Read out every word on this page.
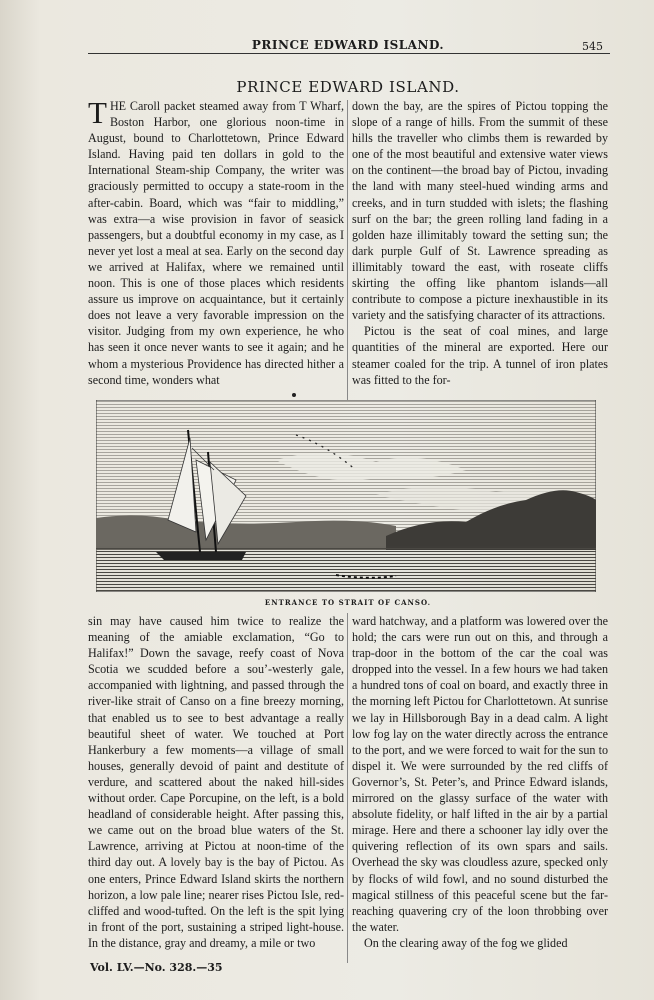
PRINCE EDWARD ISLAND.	545
PRINCE EDWARD ISLAND.

THE Caroll packet steamed away from T Wharf, Boston Harbor, one glorious noon-time in August, bound to Charlottetown, Prince Edward Island. Having paid ten dollars in gold to the International Steam-ship Company, the writer was graciously permitted to occupy a state-room in the after-cabin. Board, which was “fair to middling,” was extra—a wise provision in favor of seasick passengers, but a doubtful economy in my case, as I never yet lost a meal at sea. Early on the second day we arrived at Halifax, where we remained until noon. This is one of those places which residents assure us improve on acquaintance, but it certainly does not leave a very favorable impression on the visitor. Judging from my own experience, he who has seen it once never wants to see it again; and he whom a mysterious Providence has directed hither a second time, wonders what

down the bay, are the spires of Pictou topping the slope of a range of hills. From the summit of these hills the traveller who climbs them is rewarded by one of the most beautiful and extensive water views on the continent—the broad bay of Pictou, invading the land with many steel-hued winding arms and creeks, and in turn studded with islets; the flashing surf on the bar; the green rolling land fading in a golden haze illimitably toward the setting sun; the dark purple Gulf of St. Lawrence spreading as illimitably toward the east, with roseate cliffs skirting the offing like phantom islands—all contribute to compose a picture inexhaustible in its variety and the satisfying character of its attractions.

Pictou is the seat of coal mines, and large quantities of the mineral are exported. Here our steamer coaled for the trip. A tunnel of iron plates was fitted to the for-

ENTRANCE TO STRAIT OF CANSO.

sin may have caused him twice to realize the meaning of the amiable exclamation, “Go to Halifax!” Down the savage, reefy coast of Nova Scotia we scudded before a sou’-westerly gale, accompanied with lightning, and passed through the river-like strait of Canso on a fine breezy morning, that enabled us to see to best advantage a really beautiful sheet of water. We touched at Port Hankerbury a few moments—a village of small houses, generally devoid of paint and destitute of verdure, and scattered about the naked hill-sides without order. Cape Porcupine, on the left, is a bold headland of considerable height. After passing this, we came out on the broad blue waters of the St. Lawrence, arriving at Pictou at noon-time of the third day out. A lovely bay is the bay of Pictou. As one enters, Prince Edward Island skirts the northern horizon, a low pale line; nearer rises Pictou Isle, red-cliffed and wood-tufted. On the left is the spit lying in front of the port, sustaining a striped light-house. In the distance, gray and dreamy, a mile or two

ward hatchway, and a platform was lowered over the hold; the cars were run out on this, and through a trap-door in the bottom of the car the coal was dropped into the vessel. In a few hours we had taken a hundred tons of coal on board, and exactly three in the morning left Pictou for Charlottetown. At sunrise we lay in Hillsborough Bay in a dead calm. A light low fog lay on the water directly across the entrance to the port, and we were forced to wait for the sun to dispel it. We were surrounded by the red cliffs of Governor’s, St. Peter’s, and Prince Edward islands, mirrored on the glassy surface of the water with absolute fidelity, or half lifted in the air by a partial mirage. Here and there a schooner lay idly over the quivering reflection of its own spars and sails. Overhead the sky was cloudless azure, specked only by flocks of wild fowl, and no sound disturbed the magical stillness of this peaceful scene but the far-reaching quavering cry of the loon throbbing over the water.

On the clearing away of the fog we glided

Vol. LV.—No. 328.—35
